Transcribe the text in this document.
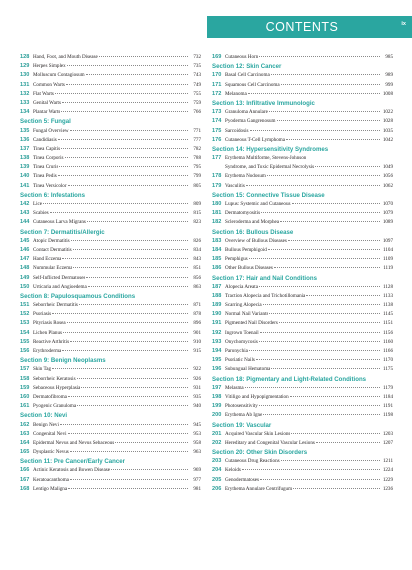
CONTENTS	ix
128 Hand, Foot, and Mouth Disease	732
129 Herpes Simplex	735
130 Molluscum Contagiosum	743
131 Common Warts	749
132 Flat Warts	755
133 Genital Warts	759
134 Plantar Warts	766
Section 5: Fungal
135 Fungal Overview	771
136 Candidiasis	777
137 Tinea Capitis	782
138 Tinea Corporis	788
139 Tinea Cruris	795
140 Tinea Pedis	799
141 Tinea Versicolor	805
Section 6: Infestations
142 Lice	809
143 Scabies	815
144 Cutaneous Larva Migrans	823
Section 7: Dermatitis/Allergic
145 Atopic Dermatitis	826
146 Contact Dermatitis	834
147 Hand Eczema	843
148 Nummular Eczema	851
149 Self-Inflicted Dermatoses	856
150 Urticaria and Angioedema	863
Section 8: Papulosquamous Conditions
151 Seborrheic Dermatitis	871
152 Psoriasis	878
153 Pityriasis Rosea	896
154 Lichen Planus	901
155 Reactive Arthritis	910
156 Erythroderma	915
Section 9: Benign Neoplasms
157 Skin Tag	922
158 Seborrheic Keratosis	926
159 Sebaceous Hyperplasia	931
160 Dermatofibroma	935
161 Pyogenic Granuloma	940
Section 10: Nevi
162 Benign Nevi	945
163 Congenital Nevi	953
164 Epidermal Nevus and Nevus Sebaceous	958
165 Dysplastic Nevus	963
Section 11: Pre Cancer/Early Cancer
166 Actinic Keratosis and Bowen Disease	969
167 Keratoacanthoma	977
168 Lentigo Maligna	981
169 Cutaneous Horn	985
Section 12: Skin Cancer
170 Basal Cell Carcinoma	989
171 Squamous Cell Carcinoma	999
172 Melanoma	1008
Section 13: Infiltrative Immunologic
173 Granuloma Annulare	1022
174 Pyoderma Gangrenosum	1028
175 Sarcoidosis	1035
176 Cutaneous T-Cell Lymphoma	1042
Section 14: Hypersensitivity Syndromes
177 Erythema Multiforme, Stevens-Johnson
Syndrome, and Toxic Epidermal Necrolysis	1049
178 Erythema Nodosum	1056
179 Vasculitis	1062
Section 15: Connective Tissue Disease
180 Lupus: Systemic and Cutaneous	1070
181 Dermatomyositis	1079
182 Scleroderma and Morphea	1089
Section 16: Bullous Disease
183 Overview of Bullous Diseases	1097
184 Bullous Pemphigoid	1104
185 Pemphigus	1109
186 Other Bullous Diseases	1119
Section 17: Hair and Nail Conditions
187 Alopecia Areata	1128
188 Traction Alopecia and Trichotillomania	1133
189 Scarring Alopecia	1138
190 Normal Nail Variants	1145
191 Pigmented Nail Disorders	1151
192 Ingrown Toenail	1156
193 Onychomycosis	1160
194 Paronychia	1166
195 Psoriatic Nails	1170
196 Subungual Hematoma	1175
Section 18: Pigmentary and Light-Related Conditions
197 Melasma	1179
198 Vitiligo and Hypopigmentation	1184
199 Photosensitivity	1191
200 Erythema Ab Igne	1198
Section 19: Vascular
201 Acquired Vascular Skin Lesions	1203
202 Hereditary and Congenital Vascular Lesions	1207
Section 20: Other Skin Disorders
203 Cutaneous Drug Reactions	1211
204 Keloids	1224
205 Genodermatoses	1229
206 Erythema Annulare Centrifugum	1236
